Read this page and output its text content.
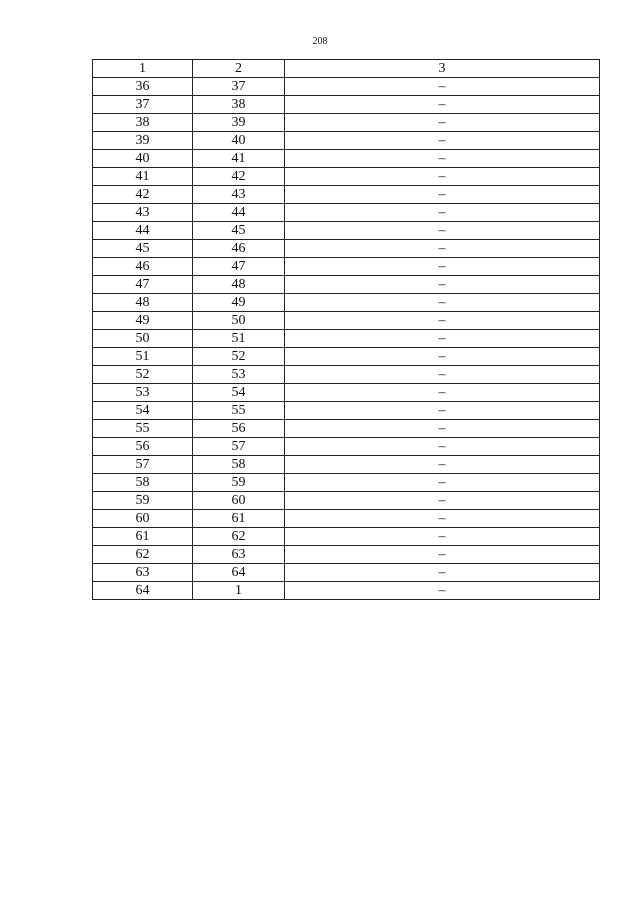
208
1	2	3
36	37	–
37	38	–
38	39	–
39	40	–
40	41	–
41	42	–
42	43	–
43	44	–
44	45	–
45	46	–
46	47	–
47	48	–
48	49	–
49	50	–
50	51	–
51	52	–
52	53	–
53	54	–
54	55	–
55	56	–
56	57	–
57	58	–
58	59	–
59	60	–
60	61	–
61	62	–
62	63	–
63	64	–
64	1	–
